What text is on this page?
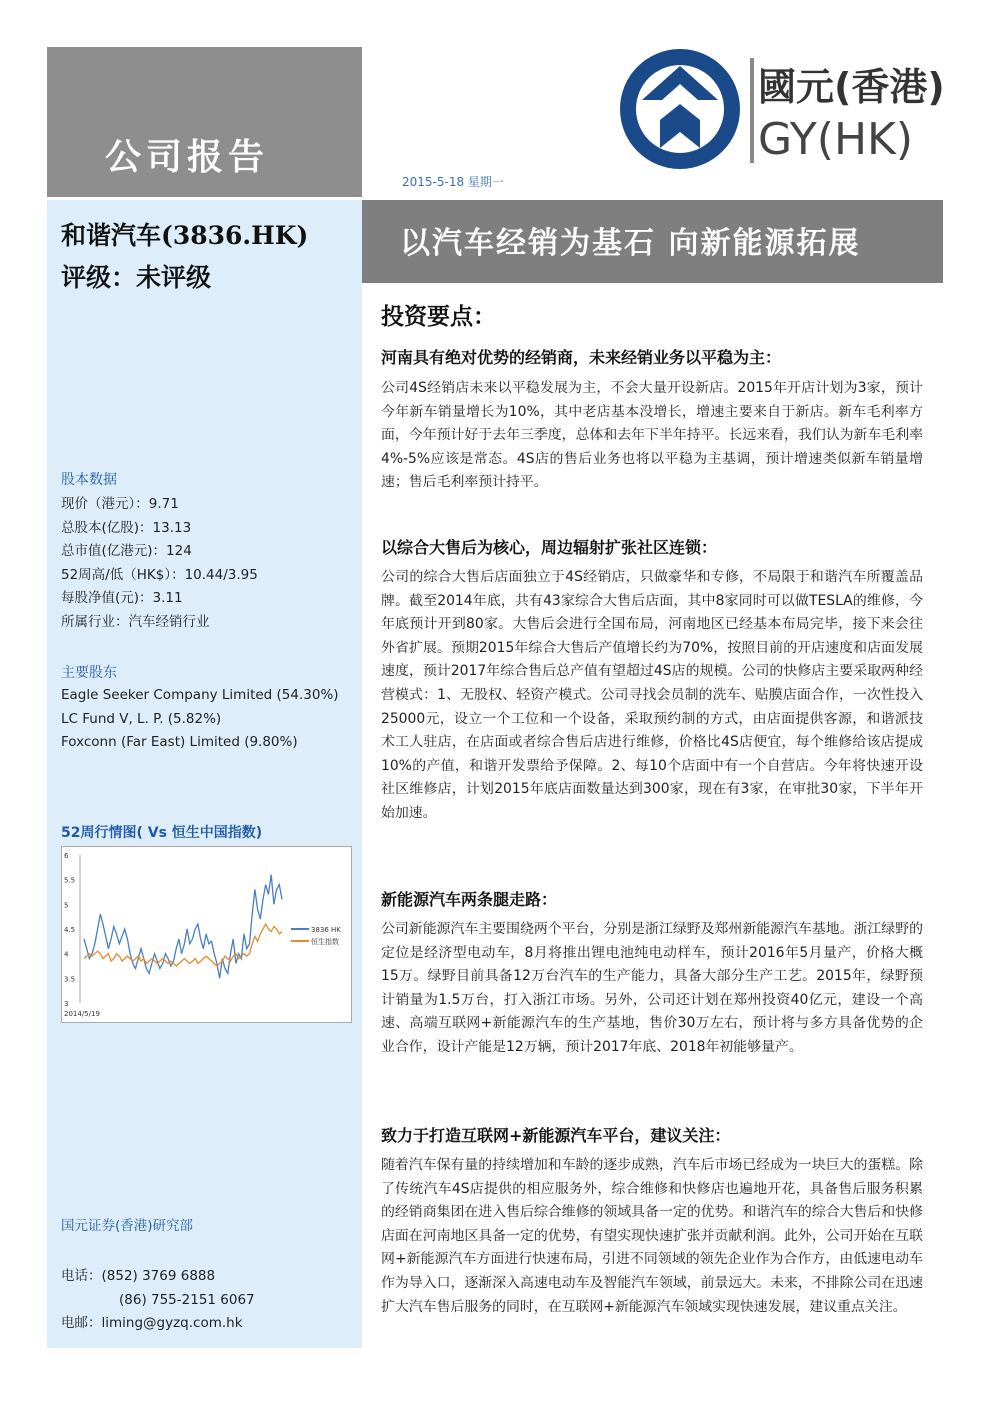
公司报告
和谐汽车(3836.HK)
评级：未评级
股本数据
现价（港元）：9.71
总股本(亿股)：13.13
总市值(亿港元)：124
52周高/低（HK$）：10.44/3.95
每股净值(元)：3.11
所属行业：汽车经销行业
主要股东
Eagle Seeker Company Limited (54.30%)
LC Fund V, L. P. (5.82%)
Foxconn (Far East) Limited (9.80%)
52周行情图( Vs 恒生中国指数)
6
5.5
5
4.5
4
3.5
3
3836 HK
恒生指数
2014/5/19
国元证券(香港)研究部
电话：(852) 3769 6888
(86) 755-2151 6067
电邮：liming@gyzq.com.hk
國元(香港)
GY(HK)
2015-5-18 星期一
以汽车经销为基石 向新能源拓展
投资要点：
河南具有绝对优势的经销商，未来经销业务以平稳为主：
公司4S经销店未来以平稳发展为主，不会大量开设新店。2015年开店计划为3家，预计今年新车销量增长为10%，其中老店基本没增长，增速主要来自于新店。新车毛利率方面，今年预计好于去年三季度，总体和去年下半年持平。长远来看，我们认为新车毛利率4%-5%应该是常态。4S店的售后业务也将以平稳为主基调，预计增速类似新车销量增速；售后毛利率预计持平。
以综合大售后为核心，周边辐射扩张社区连锁：
公司的综合大售后店面独立于4S经销店，只做豪华和专修，不局限于和谐汽车所覆盖品牌。截至2014年底，共有43家综合大售后店面，其中8家同时可以做TESLA的维修，今年底预计开到80家。大售后会进行全国布局，河南地区已经基本布局完毕，接下来会往外省扩展。预期2015年综合大售后产值增长约为70%，按照目前的开店速度和店面发展速度，预计2017年综合售后总产值有望超过4S店的规模。公司的快修店主要采取两种经营模式：1、无股权、轻资产模式。公司寻找会员制的洗车、贴膜店面合作，一次性投入25000元，设立一个工位和一个设备，采取预约制的方式，由店面提供客源，和谐派技术工人驻店，在店面或者综合售后店进行维修，价格比4S店便宜，每个维修给该店提成10%的产值，和谐开发票给予保障。2、每10个店面中有一个自营店。今年将快速开设社区维修店，计划2015年底店面数量达到300家，现在有3家，在审批30家，下半年开始加速。
新能源汽车两条腿走路：
公司新能源汽车主要围绕两个平台，分别是浙江绿野及郑州新能源汽车基地。浙江绿野的定位是经济型电动车，8月将推出锂电池纯电动样车，预计2016年5月量产，价格大概15万。绿野目前具备12万台汽车的生产能力，具备大部分生产工艺。2015年，绿野预计销量为1.5万台，打入浙江市场。另外，公司还计划在郑州投资40亿元，建设一个高速、高端互联网+新能源汽车的生产基地，售价30万左右，预计将与多方具备优势的企业合作，设计产能是12万辆，预计2017年底、2018年初能够量产。
致力于打造互联网+新能源汽车平台，建议关注：
随着汽车保有量的持续增加和车龄的逐步成熟，汽车后市场已经成为一块巨大的蛋糕。除了传统汽车4S店提供的相应服务外，综合维修和快修店也遍地开花，具备售后服务积累的经销商集团在进入售后综合维修的领域具备一定的优势。和谐汽车的综合大售后和快修店面在河南地区具备一定的优势，有望实现快速扩张并贡献利润。此外，公司开始在互联网+新能源汽车方面进行快速布局，引进不同领域的领先企业作为合作方，由低速电动车作为导入口，逐渐深入高速电动车及智能汽车领域，前景远大。未来，不排除公司在迅速扩大汽车售后服务的同时，在互联网+新能源汽车领域实现快速发展，建议重点关注。
